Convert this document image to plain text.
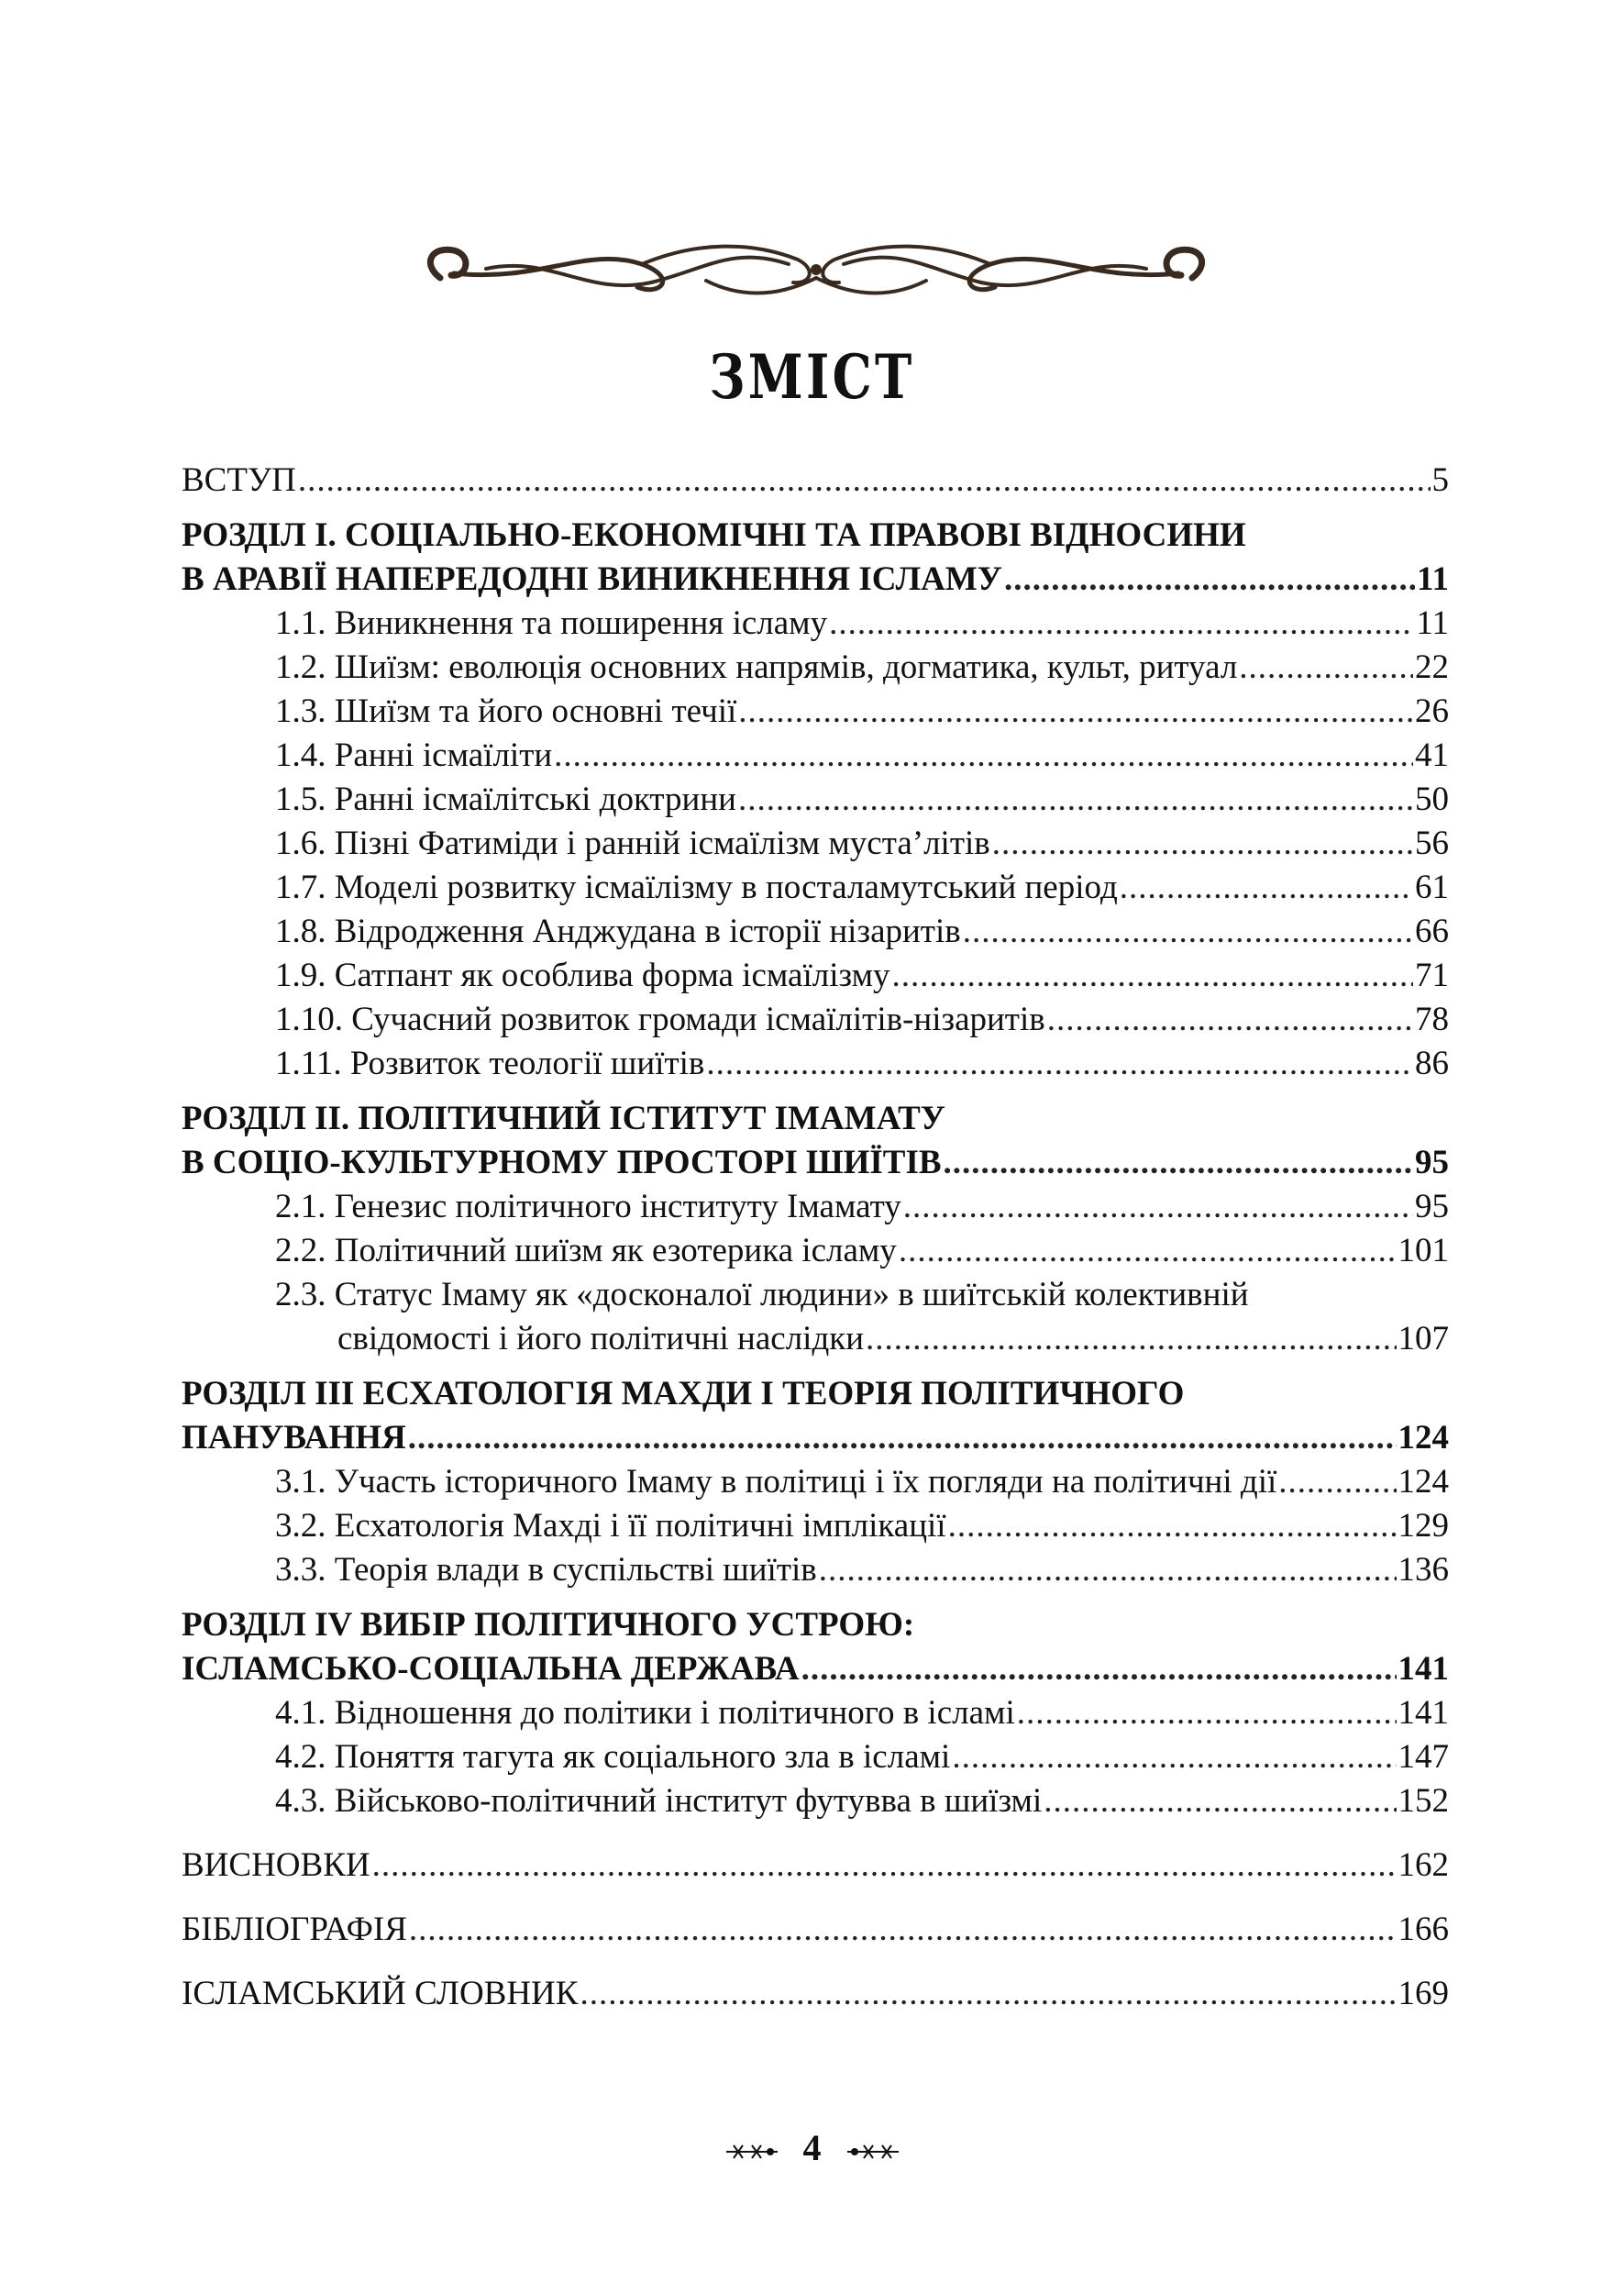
ЗМІСТ
ВСТУП .....	5
РОЗДІЛ І. СОЦІАЛЬНО-ЕКОНОМІЧНІ ТА ПРАВОВІ ВІДНОСИНИ
В АРАВІЇ НАПЕРЕДОДНІ ВИНИКНЕННЯ ІСЛАМУ .....	11
1.1. Виникнення та поширення ісламу .....	11
1.2. Шиїзм: еволюція основних напрямів, догматика, культ, ритуал .....	22
1.3. Шиїзм та його основні течії .....	26
1.4. Ранні ісмаїліти .....	41
1.5. Ранні ісмаїлітські доктрини .....	50
1.6. Пізні Фатиміди і ранній ісмаїлізм муста’літів .....	56
1.7. Моделі розвитку ісмаїлізму в посталамутський період .....	61
1.8. Відродження Анджудана в історії нізаритів .....	66
1.9. Сатпант як особлива форма ісмаїлізму .....	71
1.10. Сучасний розвиток громади ісмаїлітів-нізаритів .....	78
1.11. Розвиток теології шиїтів .....	86
РОЗДІЛ ІІ. ПОЛІТИЧНИЙ ІСТИТУТ ІМАМАТУ
В СОЦІО-КУЛЬТУРНОМУ ПРОСТОРІ ШИЇТІВ .....	95
2.1. Генезис політичного інституту Імамату .....	95
2.2. Політичний шиїзм як езотерика ісламу .....	101
2.3. Статус Імаму як «досконалої людини» в шиїтській колективній
свідомості і його політичні наслідки .....	107
РОЗДІЛ ІІІ ЕСХАТОЛОГІЯ МАХДИ І ТЕОРІЯ ПОЛІТИЧНОГО
ПАНУВАННЯ .....	124
3.1. Участь історичного Імаму в політиці і їх погляди на політичні дії .....	124
3.2. Есхатологія Махді і її політичні імплікації .....	129
3.3. Теорія влади в суспільстві шиїтів .....	136
РОЗДІЛ ІV ВИБІР ПОЛІТИЧНОГО УСТРОЮ:
ІСЛАМСЬКО-СОЦІАЛЬНА ДЕРЖАВА .....	141
4.1. Відношення до політики і політичного в ісламі .....	141
4.2. Поняття тагута як соціального зла в ісламі .....	147
4.3. Військово-політичний інститут футувва в шиїзмі .....	152
ВИСНОВКИ .....	162
БІБЛІОГРАФІЯ .....	166
ІСЛАМСЬКИЙ СЛОВНИК .....	169
4
